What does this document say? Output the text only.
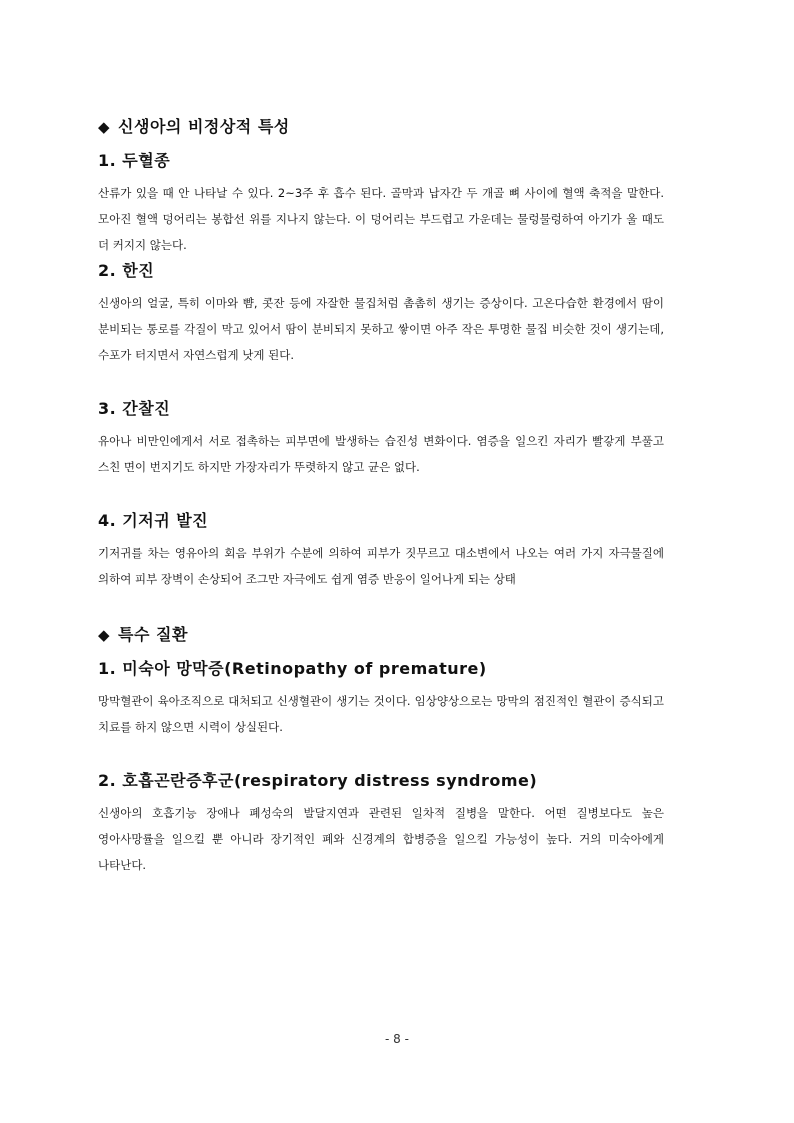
◆ 신생아의 비정상적 특성
1. 두혈종

산류가 있을 때 안 나타날 수 있다. 2~3주 후 흡수 된다. 골막과 납자간 두 개골 뼈 사이에 혈액 축적을 말한다. 모아진 혈액 덩어리는 봉합선 위를 지나지 않는다. 이 덩어리는 부드럽고 가운데는 물렁물렁하여 아기가 울 때도 더 커지지 않는다.

2. 한진

신생아의 얼굴, 특히 이마와 뺨, 콧잔 등에 자잘한 물집처럼 촘촘히 생기는 증상이다. 고온다습한 환경에서 땀이 분비되는 통로를 각질이 막고 있어서 땀이 분비되지 못하고 쌓이면 아주 작은 투명한 물집 비슷한 것이 생기는데, 수포가 터지면서 자연스럽게 낫게 된다.

3. 간찰진

유아나 비만인에게서 서로 접촉하는 피부면에 발생하는 습진성 변화이다. 염증을 일으킨 자리가 빨갛게 부풀고 스친 면이 번지기도 하지만 가장자리가 뚜렷하지 않고 균은 없다.

4. 기저귀 발진

기저귀를 차는 영유아의 회음 부위가 수분에 의하여 피부가 짓무르고 대소변에서 나오는 여러 가지 자극물질에 의하여 피부 장벽이 손상되어 조그만 자극에도 쉽게 염증 반응이 일어나게 되는 상태

◆ 특수 질환
1. 미숙아 망막증(Retinopathy of premature)

망막혈관이 육아조직으로 대처되고 신생혈관이 생기는 것이다. 임상양상으로는 망막의 점진적인 혈관이 증식되고 치료를 하지 않으면 시력이 상실된다.

2. 호흡곤란증후군(respiratory distress syndrome)

신생아의 호흡기능 장애나 폐성숙의 발달지연과 관련된 일차적 질병을 말한다. 어떤 질병보다도 높은 영아사망률을 일으킬 뿐 아니라 장기적인 폐와 신경계의 합병증을 일으킬 가능성이 높다. 거의 미숙아에게 나타난다.

- 8 -
